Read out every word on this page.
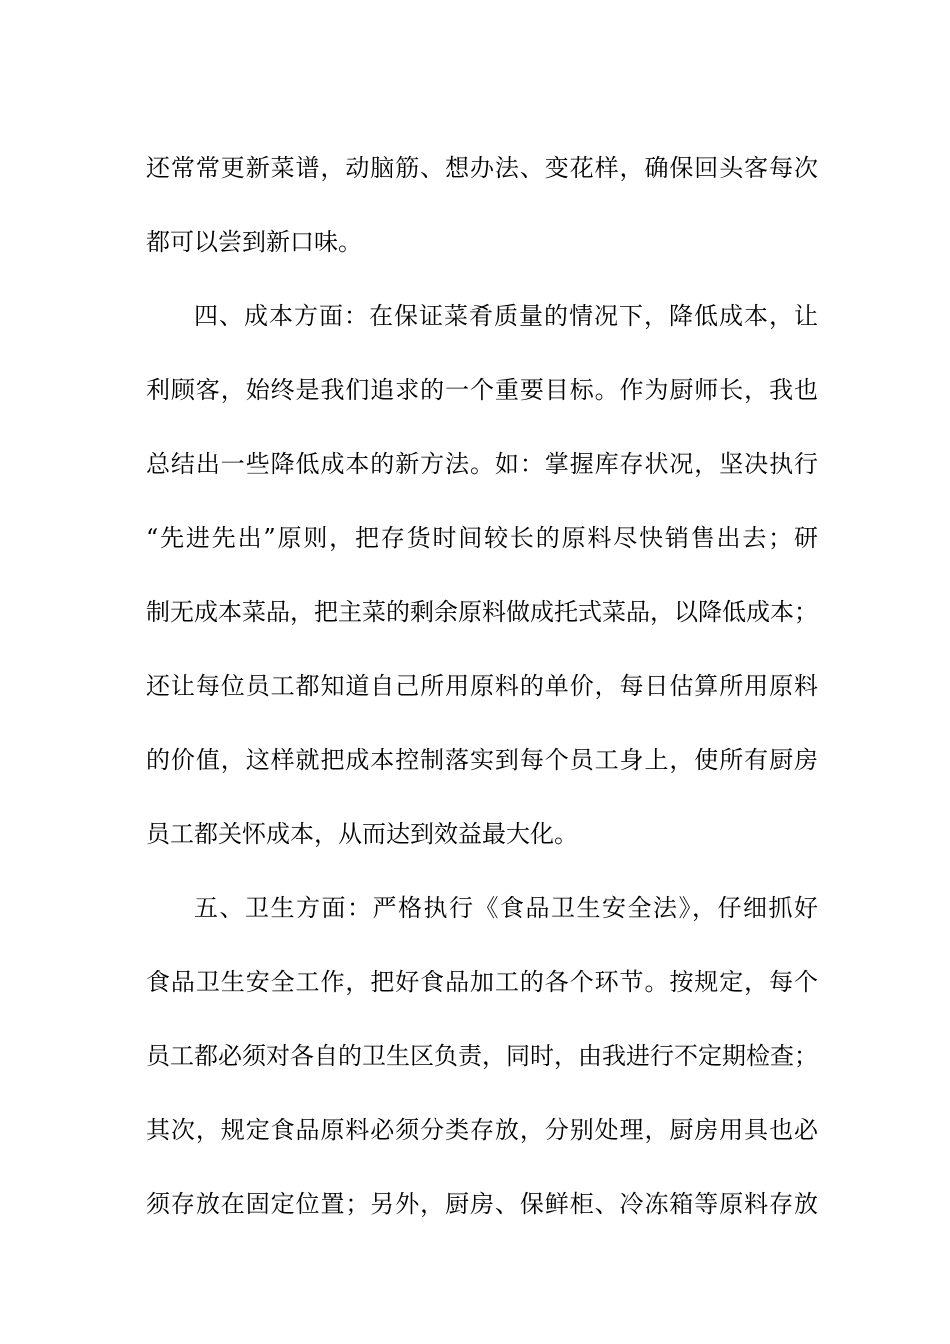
还常常更新菜谱，动脑筋、想办法、变花样，确保回头客每次
都可以尝到新口味。
四、成本方面：在保证菜肴质量的情况下，降低成本，让
利顾客，始终是我们追求的一个重要目标。作为厨师长，我也
总结出一些降低成本的新方法。如：掌握库存状况，坚决执行
“先进先出”原则，把存货时间较长的原料尽快销售出去；研
制无成本菜品，把主菜的剩余原料做成托式菜品，以降低成本；
还让每位员工都知道自己所用原料的单价，每日估算所用原料
的价值，这样就把成本控制落实到每个员工身上，使所有厨房
员工都关怀成本，从而达到效益最大化。
五、卫生方面：严格执行《食品卫生安全法》，仔细抓好
食品卫生安全工作，把好食品加工的各个环节。按规定，每个
员工都必须对各自的卫生区负责，同时，由我进行不定期检查；
其次，规定食品原料必须分类存放，分别处理，厨房用具也必
须存放在固定位置；另外，厨房、保鲜柜、冷冻箱等原料存放
